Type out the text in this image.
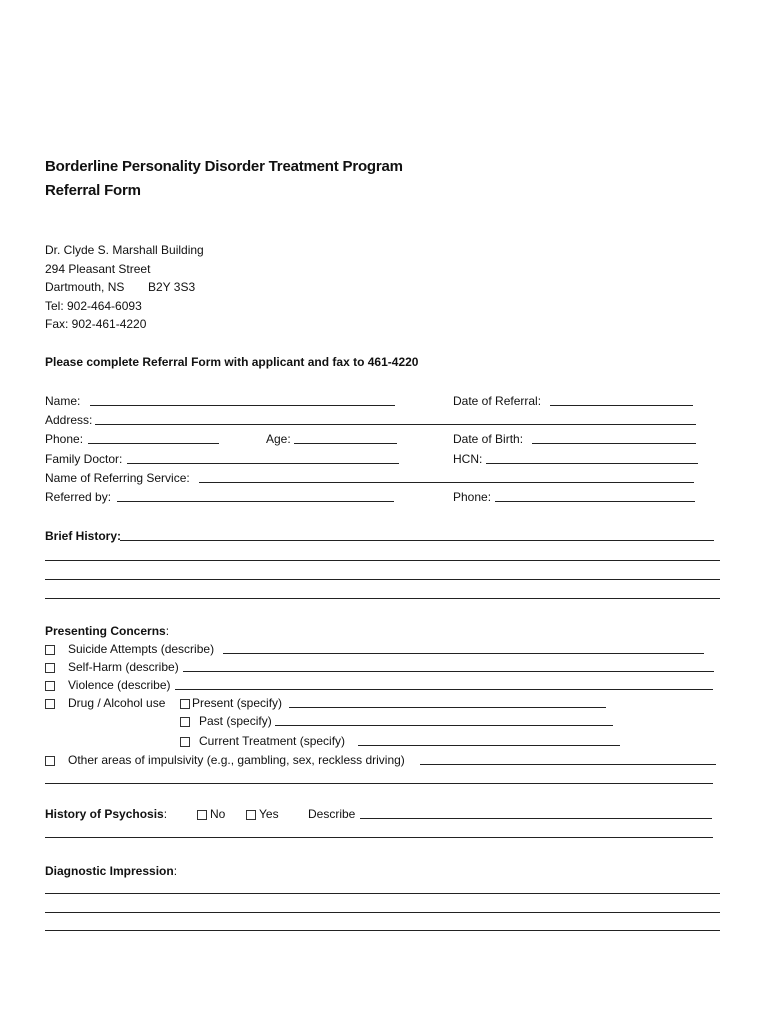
Borderline Personality Disorder Treatment Program
Referral Form
Dr. Clyde S. Marshall Building
294 Pleasant Street
Dartmouth, NS B2Y 3S3
Tel: 902-464-6093
Fax: 902-461-4220
Please complete Referral Form with applicant and fax to 461-4220
Name:	Date of Referral:
Address:
Phone:	Age:	Date of Birth:
Family Doctor:	HCN:
Name of Referring Service:
Referred by:	Phone:
Brief History:
Presenting Concerns:
Suicide Attempts (describe)
Self-Harm (describe)
Violence (describe)
Drug / Alcohol use Present (specify)
Past (specify)
Current Treatment (specify)
Other areas of impulsivity (e.g., gambling, sex, reckless driving)
History of Psychosis:	No	Yes Describe
Diagnostic Impression:
